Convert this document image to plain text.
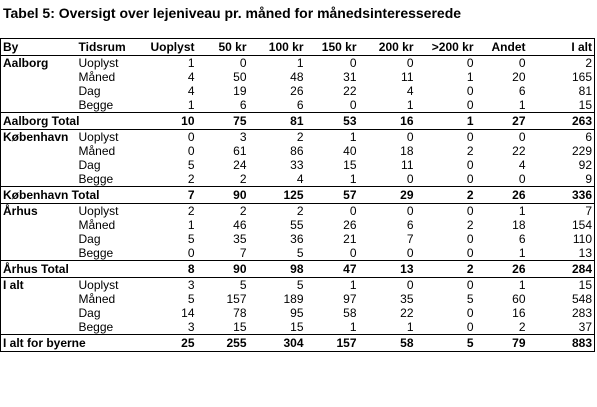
Tabel 5: Oversigt over lejeniveau pr. måned for månedsinteresserede
By	Tidsrum	Uoplyst	50 kr	100 kr	150 kr	200 kr	>200 kr	Andet	I alt
Aalborg	Uoplyst	1	0	1	0	0	0	0	2
	Måned	4	50	48	31	11	1	20	165
	Dag	4	19	26	22	4	0	6	81
	Begge	1	6	6	0	1	0	1	15
Aalborg Total		10	75	81	53	16	1	27	263
København	Uoplyst	0	3	2	1	0	0	0	6
	Måned	0	61	86	40	18	2	22	229
	Dag	5	24	33	15	11	0	4	92
	Begge	2	2	4	1	0	0	0	9
København Total		7	90	125	57	29	2	26	336
Århus	Uoplyst	2	2	2	0	0	0	1	7
	Måned	1	46	55	26	6	2	18	154
	Dag	5	35	36	21	7	0	6	110
	Begge	0	7	5	0	0	0	1	13
Århus Total		8	90	98	47	13	2	26	284
I alt	Uoplyst	3	5	5	1	0	0	1	15
	Måned	5	157	189	97	35	5	60	548
	Dag	14	78	95	58	22	0	16	283
	Begge	3	15	15	1	1	0	2	37
I alt for byerne		25	255	304	157	58	5	79	883
